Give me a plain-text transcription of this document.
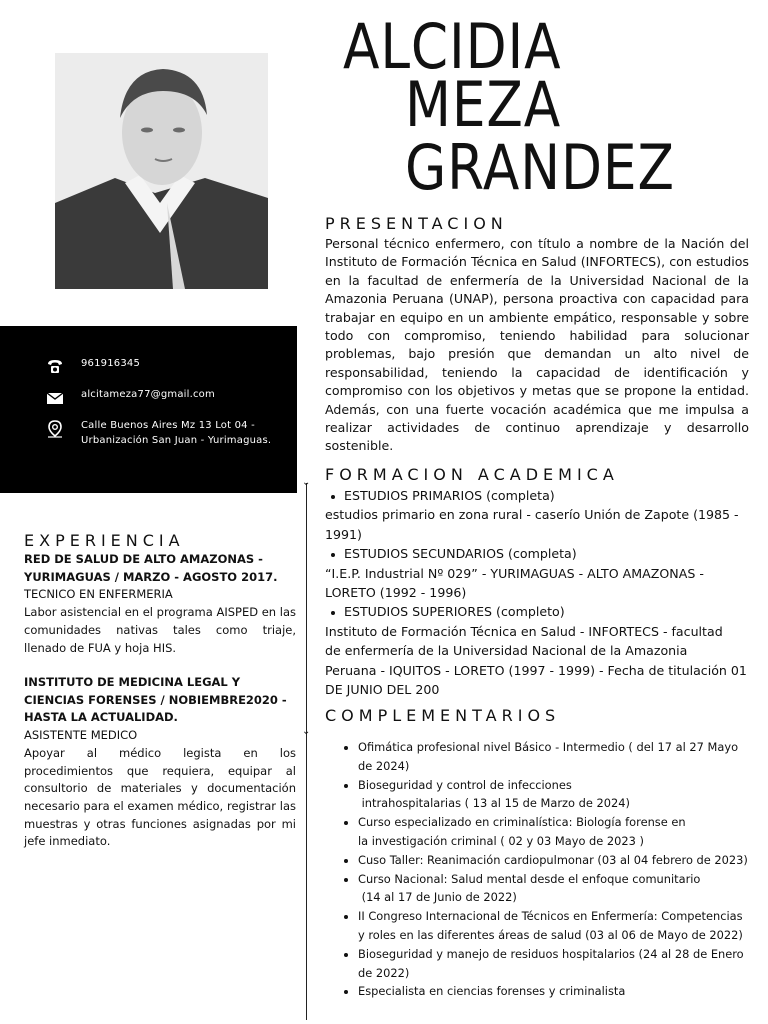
961916345
alcitameza77@gmail.com
Calle Buenos Aires Mz 13 Lot 04 -
Urbanización San Juan - Yurimaguas.
ALCIDIA
MEZA
GRANDEZ
PRESENTACION
Personal técnico enfermero, con título a nombre de la Nación del Instituto de Formación Técnica en Salud (INFORTECS), con estudios en la facultad de enfermería de la Universidad Nacional de la Amazonia Peruana (UNAP), persona proactiva con capacidad para trabajar en equipo en un ambiente empático, responsable y sobre todo con compromiso, teniendo habilidad para solucionar problemas, bajo presión que demandan un alto nivel de responsabilidad, teniendo la capacidad de identificación y compromiso con los objetivos y metas que se propone la entidad. Además, con una fuerte vocación académica que me impulsa a realizar actividades de continuo aprendizaje y desarrollo sostenible.
FORMACION ACADEMICA
ESTUDIOS PRIMARIOS (completa)
estudios primario en zona rural - caserío Unión de Zapote (1985 -
1991)
ESTUDIOS SECUNDARIOS (completa)
“I.E.P. Industrial Nº 029” - YURIMAGUAS - ALTO AMAZONAS -
LORETO (1992 - 1996)
ESTUDIOS SUPERIORES (completo)
Instituto de Formación Técnica en Salud - INFORTECS - facultad
de enfermería de la Universidad Nacional de la Amazonia
Peruana - IQUITOS - LORETO (1997 - 1999) - Fecha de titulación 01
DE JUNIO DEL 200
COMPLEMENTARIOS
Ofimática profesional nivel Básico - Intermedio ( del 17 al 27 Mayo
de 2024)
Bioseguridad y control de infecciones
intrahospitalarias ( 13 al 15 de Marzo de 2024)
Curso especializado en criminalística: Biología forense en
la investigación criminal ( 02 y 03 Mayo de 2023 )
Cuso Taller: Reanimación cardiopulmonar (03 al 04 febrero de 2023)
Curso Nacional: Salud mental desde el enfoque comunitario
(14 al 17 de Junio de 2022)
II Congreso Internacional de Técnicos en Enfermería: Competencias
y roles en las diferentes áreas de salud (03 al 06 de Mayo de 2022)
Bioseguridad y manejo de residuos hospitalarios (24 al 28 de Enero
de 2022)
Especialista en ciencias forenses y criminalista
EXPERIENCIA
RED DE SALUD DE ALTO AMAZONAS - YURIMAGUAS / MARZO - AGOSTO 2017.
TECNICO EN ENFERMERIA
Labor asistencial en el programa AISPED en las comunidades nativas tales como triaje, llenado de FUA y hoja HIS.
INSTITUTO DE MEDICINA LEGAL Y CIENCIAS FORENSES / NOBIEMBRE2020 - HASTA LA ACTUALIDAD.
ASISTENTE MEDICO
Apoyar al médico legista en los procedimientos que requiera, equipar al consultorio de materiales y documentación necesario para el examen médico, registrar las muestras y otras funciones asignadas por mi jefe inmediato.
⌄
⌄
